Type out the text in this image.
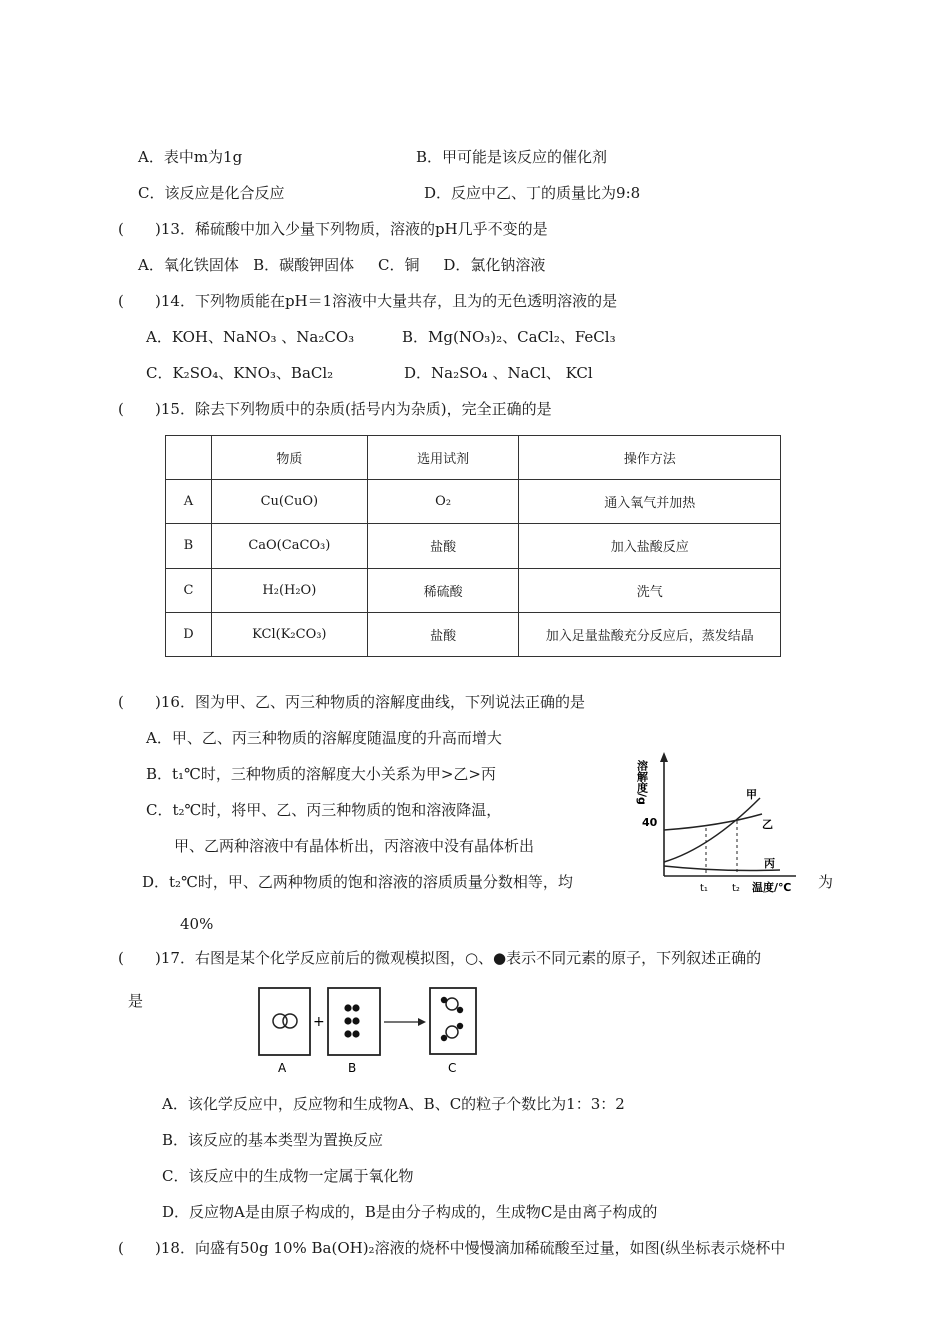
A．表中m为1g	B．甲可能是该反应的催化剂
C．该反应是化合反应	D．反应中乙、丁的质量比为9:8
( )13．稀硫酸中加入少量下列物质，溶液的pH几乎不变的是
A．氧化铁固体   B．碳酸钾固体     C．铜     D．氯化钠溶液
( )14．下列物质能在pH＝1溶液中大量共存，且为的无色透明溶液的是
A．KOH、NaNO₃ 、Na₂CO₃	B．Mg(NO₃)₂、CaCl₂、FeCl₃
C．K₂SO₄、KNO₃、BaCl₂	D．Na₂SO₄ 、NaCl、 KCl
( )15．除去下列物质中的杂质(括号内为杂质)，完全正确的是
	物质	选用试剂	操作方法
A	Cu(CuO)	O₂	通入氧气并加热
B	CaO(CaCO₃)	盐酸	加入盐酸反应
C	H₂(H₂O)	稀硫酸	洗气
D	KCl(K₂CO₃)	盐酸	加入足量盐酸充分反应后，蒸发结晶
( )16．图为甲、乙、丙三种物质的溶解度曲线，下列说法正确的是
A．甲、乙、丙三种物质的溶解度随温度的升高而增大
B．t₁℃时，三种物质的溶解度大小关系为甲>乙>丙
C．t₂℃时，将甲、乙、丙三种物质的饱和溶液降温，
甲、乙两种溶液中有晶体析出，丙溶液中没有晶体析出
D．t₂℃时，甲、乙两种物质的饱和溶液的溶质质量分数相等，均	为
40%
溶解度/g
40
甲
乙
丙
t₁ t₂ 温度/℃
( )17．右图是某个化学反应前后的微观模拟图，○、●表示不同元素的原子，下列叙述正确的
是
+
A	B	C
A．该化学反应中，反应物和生成物A、B、C的粒子个数比为1：3：2
B．该反应的基本类型为置换反应
C．该反应中的生成物一定属于氧化物
D．反应物A是由原子构成的，B是由分子构成的，生成物C是由离子构成的
( )18．向盛有50g 10% Ba(OH)₂溶液的烧杯中慢慢滴加稀硫酸至过量，如图(纵坐标表示烧杯中
